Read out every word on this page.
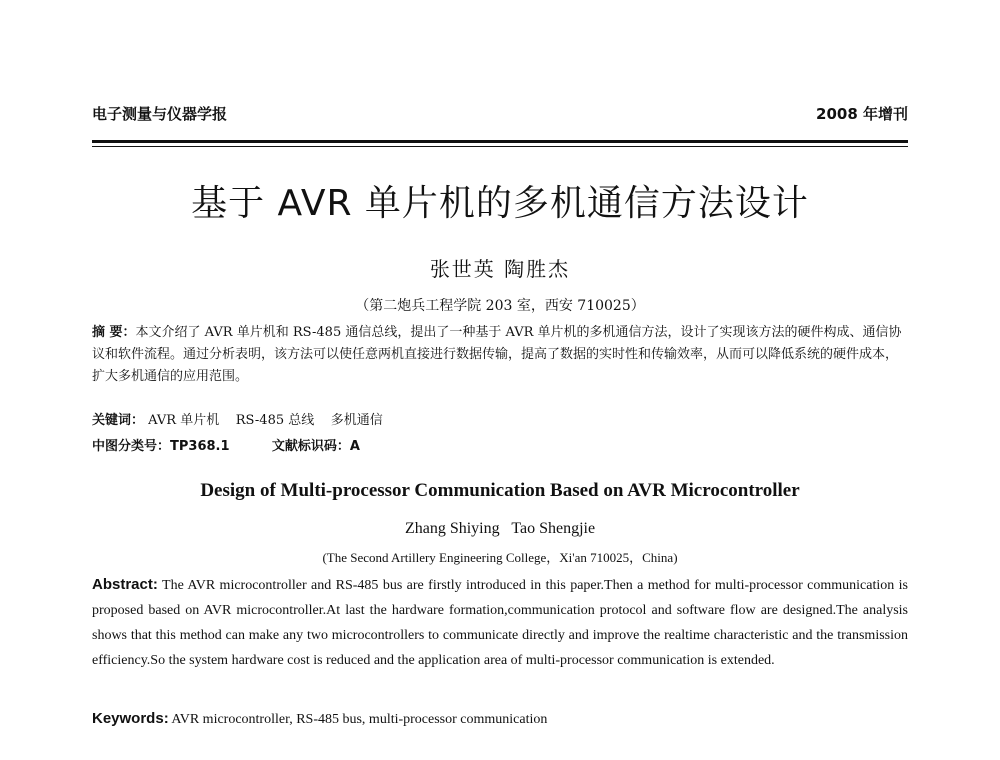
电子测量与仪器学报	2008 年增刊
基于 AVR 单片机的多机通信方法设计
张世英 陶胜杰
（第二炮兵工程学院 203 室，西安 710025）
摘 要：本文介绍了 AVR 单片机和 RS-485 通信总线，提出了一种基于 AVR 单片机的多机通信方法，设计了实现该方法的硬件构成、通信协议和软件流程。通过分析表明，该方法可以使任意两机直接进行数据传输，提高了数据的实时性和传输效率，从而可以降低系统的硬件成本，扩大多机通信的应用范围。
关键词： AVR 单片机    RS-485 总线    多机通信
中图分类号：TP368.1	文献标识码：A
Design of Multi-processor Communication Based on AVR Microcontroller
Zhang Shiying   Tao Shengjie
(The Second Artillery Engineering College，Xi'an 710025，China)
Abstract: The AVR microcontroller and RS-485 bus are firstly introduced in this paper.Then a method for multi-processor communication is proposed based on AVR microcontroller.At last the hardware formation,communication protocol and software flow are designed.The analysis shows that this method can make any two microcontrollers to communicate directly and improve the realtime characteristic and the transmission efficiency.So the system hardware cost is reduced and the application area of multi-processor communication is extended.
Keywords: AVR microcontroller, RS-485 bus, multi-processor communication
